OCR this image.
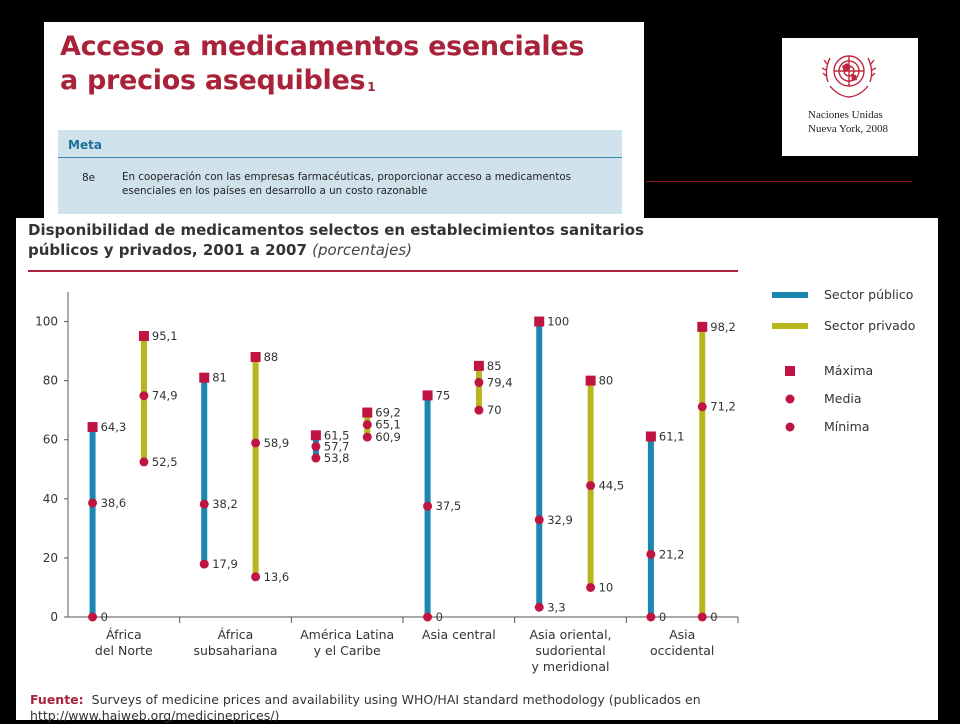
Acceso a medicamentos esenciales
a precios asequibles $^1$
Meta
8e	En cooperación con las empresas farmacéuticas, proporcionar acceso a medicamentos esenciales en los países en desarrollo a un costo razonable
Naciones Unidas
Nueva York, 2008
Disponibilidad de medicamentos selectos en establecimientos sanitarios
públicos y privados, 2001 a 2007 (porcentajes)
0
20
40
60
80
100
África
del Norte
África
subsahariana
América Latina
y el Caribe
Asia central	Asia oriental,
sudoriental
y meridional
Asia
occidental
64,3
38,6
0
81
38,2
17,9
61,5
57,7
53,8
75
37,5
0
100
32,9
3,3
61,1
21,2
0
95,1
74,9
52,5
88
58,9
13,6
69,2
65,1
60,9
85
79,4
70
80
44,5
10
98,2
71,2
0
Sector público
Sector privado
Máxima
Media
Mínima
Fuente: Surveys of medicine prices and availability using WHO/HAI standard methodology (publicados en http://www.haiweb.org/medicineprices/)
